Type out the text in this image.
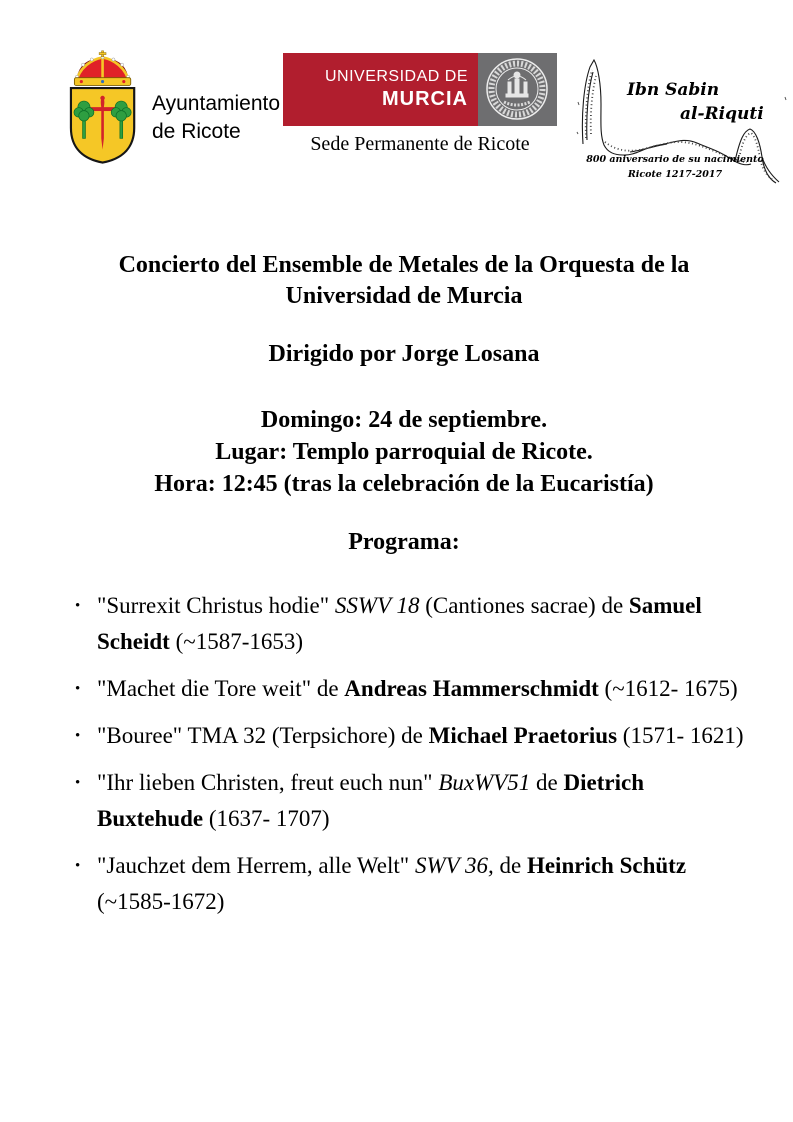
Ayuntamiento
de Ricote
UNIVERSIDAD DE
MURCIA
Sede Permanente de Ricote
Ibn Sabin
al-Riquti
800 aniversario de su nacimiento
Ricote 1217-2017
Concierto del Ensemble de Metales de la Orquesta de la
Universidad de Murcia

Dirigido por Jorge Losana

Domingo: 24 de septiembre.
Lugar: Templo parroquial de Ricote.
Hora: 12:45 (tras la celebración de la Eucaristía)

Programa:

• "Surrexit Christus hodie" SSWV 18 (Cantiones sacrae) de Samuel Scheidt (~1587-1653)
• "Machet die Tore weit" de Andreas Hammerschmidt (~1612- 1675)
• "Bouree" TMA 32 (Terpsichore) de Michael Praetorius (1571- 1621)
• "Ihr lieben Christen, freut euch nun" BuxWV51 de Dietrich Buxtehude (1637- 1707)
• "Jauchzet dem Herrem, alle Welt" SWV 36, de Heinrich Schütz (~1585-1672)
